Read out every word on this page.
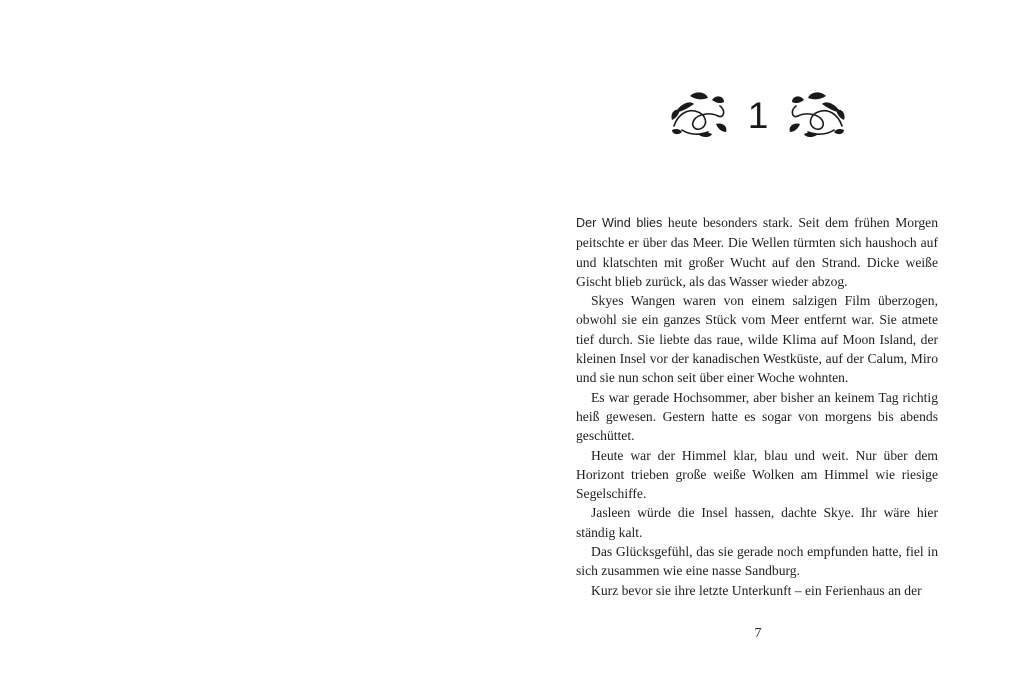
1

Der Wind blies heute besonders stark. Seit dem frühen Morgen peitschte er über das Meer. Die Wellen türmten sich haushoch auf und klatschten mit großer Wucht auf den Strand. Dicke weiße Gischt blieb zurück, als das Wasser wieder abzog.

Skyes Wangen waren von einem salzigen Film überzogen, obwohl sie ein ganzes Stück vom Meer entfernt war. Sie atmete tief durch. Sie liebte das raue, wilde Klima auf Moon Island, der kleinen Insel vor der kanadischen Westküste, auf der Calum, Miro und sie nun schon seit über einer Woche wohnten.

Es war gerade Hochsommer, aber bisher an keinem Tag richtig heiß gewesen. Gestern hatte es sogar von morgens bis abends geschüttet.

Heute war der Himmel klar, blau und weit. Nur über dem Horizont trieben große weiße Wolken am Himmel wie riesige Segelschiffe.

Jasleen würde die Insel hassen, dachte Skye. Ihr wäre hier ständig kalt.

Das Glücksgefühl, das sie gerade noch empfunden hatte, fiel in sich zusammen wie eine nasse Sandburg.

Kurz bevor sie ihre letzte Unterkunft – ein Ferienhaus an der

7
